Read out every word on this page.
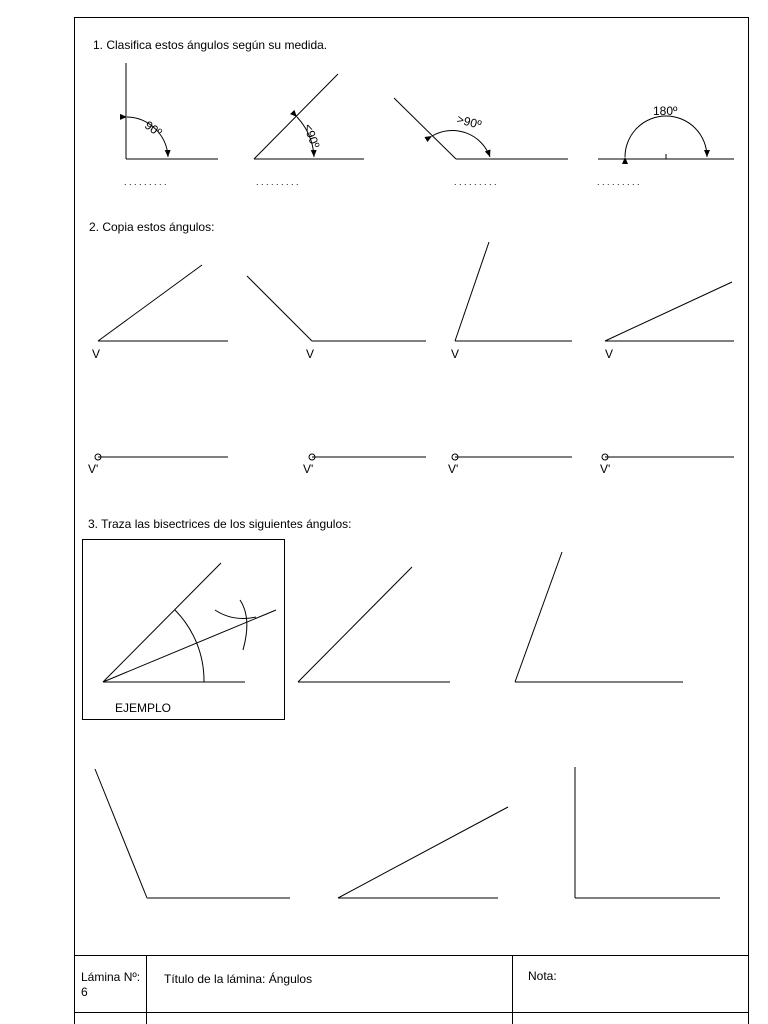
1. Clasifica estos ángulos según su medida.
90º	<90º
>90º
180º
. . . . . . . . .	. . . . . . . . .	. . . . . . . . .	. . . . . . . . .
2. Copia estos ángulos:
V	V	V	V
V'	V'	V'	V'
3. Traza las bisectrices de los siguientes ángulos:
EJEMPLO
Lámina Nº:
6
Título de la lámina: Ángulos	Nota:
